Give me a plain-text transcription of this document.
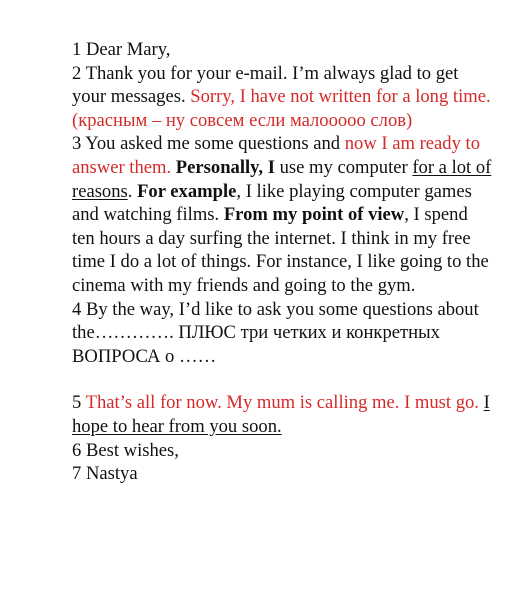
1 Dear Mary,

2 Thank you for your e-mail. I’m always glad to get your messages. Sorry, I have not written for a long time.(красным – ну совсем если малооооо слов)

3 You asked me some questions and now I am ready to answer them. Personally, I use my computer for a lot of reasons. For example, I like playing computer games and watching films. From my point of view, I spend ten hours a day surfing the internet. I think in my free time I do a lot of things. For instance, I like going to the cinema with my friends and going to the gym.

4 By the way, I’d like to ask you some questions about the…………. ПЛЮС три четких и конкретных ВОПРОСА о ……

5 That’s all for now. My mum is calling me. I must go. I hope to hear from you soon.

6 Best wishes,

7 Nastya
